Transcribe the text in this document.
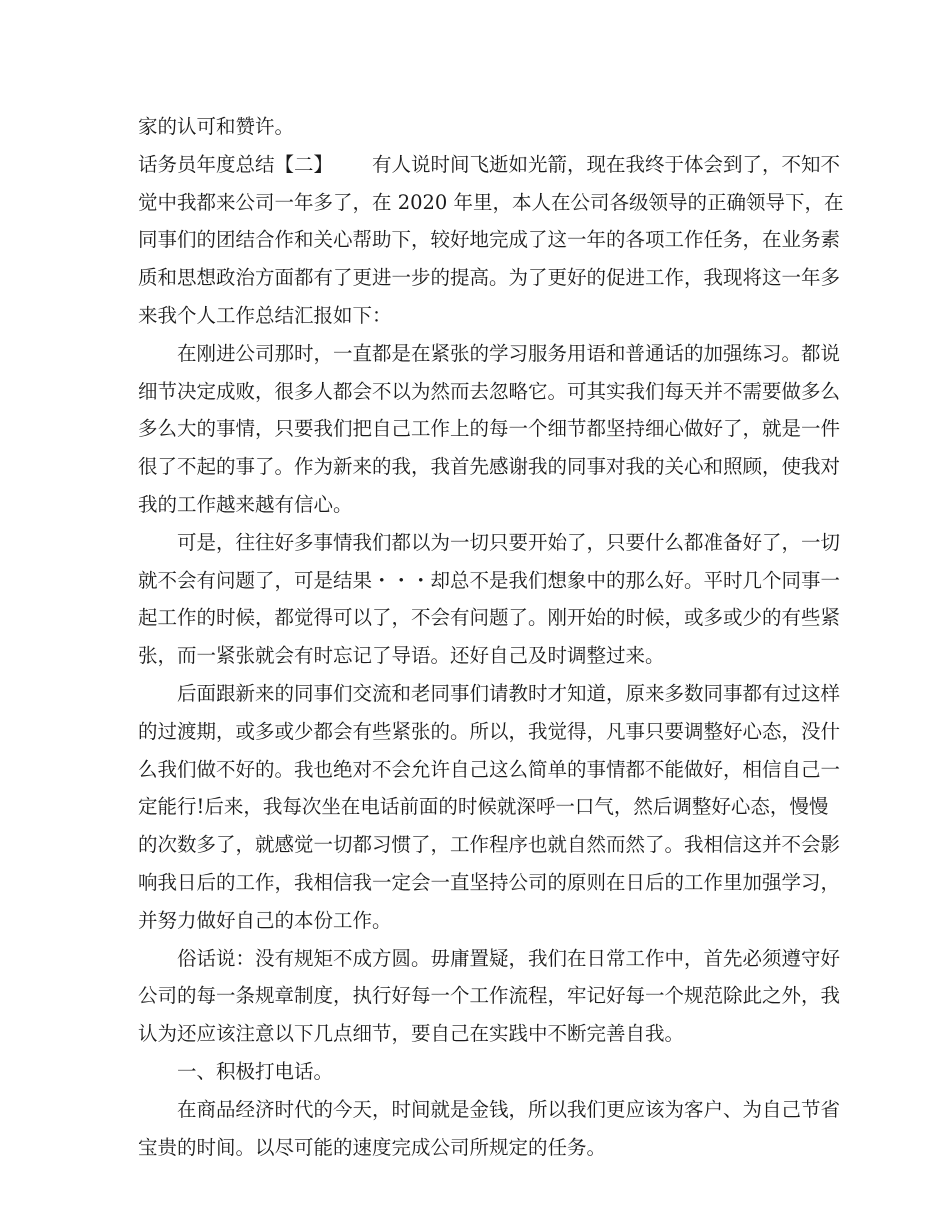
家的认可和赞许。
话务员年度总结【二】 有人说时间飞逝如光箭，现在我终于体会到了，不知不
觉中我都来公司一年多了，在 2020 年里，本人在公司各级领导的正确领导下，在
同事们的团结合作和关心帮助下，较好地完成了这一年的各项工作任务，在业务素
质和思想政治方面都有了更进一步的提高。为了更好的促进工作，我现将这一年多
来我个人工作总结汇报如下：
在刚进公司那时，一直都是在紧张的学习服务用语和普通话的加强练习。都说
细节决定成败，很多人都会不以为然而去忽略它。可其实我们每天并不需要做多么
多么大的事情，只要我们把自己工作上的每一个细节都坚持细心做好了，就是一件
很了不起的事了。作为新来的我，我首先感谢我的同事对我的关心和照顾，使我对
我的工作越来越有信心。
可是，往往好多事情我们都以为一切只要开始了，只要什么都准备好了，一切
就不会有问题了，可是结果・・・却总不是我们想象中的那么好。平时几个同事一
起工作的时候，都觉得可以了，不会有问题了。刚开始的时候，或多或少的有些紧
张，而一紧张就会有时忘记了导语。还好自己及时调整过来。
后面跟新来的同事们交流和老同事们请教时才知道，原来多数同事都有过这样
的过渡期，或多或少都会有些紧张的。所以，我觉得，凡事只要调整好心态，没什
么我们做不好的。我也绝对不会允许自己这么简单的事情都不能做好，相信自己一
定能行!后来，我每次坐在电话前面的时候就深呼一口气，然后调整好心态，慢慢
的次数多了，就感觉一切都习惯了，工作程序也就自然而然了。我相信这并不会影
响我日后的工作，我相信我一定会一直坚持公司的原则在日后的工作里加强学习，
并努力做好自己的本份工作。
俗话说：没有规矩不成方圆。毋庸置疑，我们在日常工作中，首先必须遵守好
公司的每一条规章制度，执行好每一个工作流程，牢记好每一个规范除此之外，我
认为还应该注意以下几点细节，要自己在实践中不断完善自我。
一、积极打电话。
在商品经济时代的今天，时间就是金钱，所以我们更应该为客户、为自己节省
宝贵的时间。以尽可能的速度完成公司所规定的任务。
